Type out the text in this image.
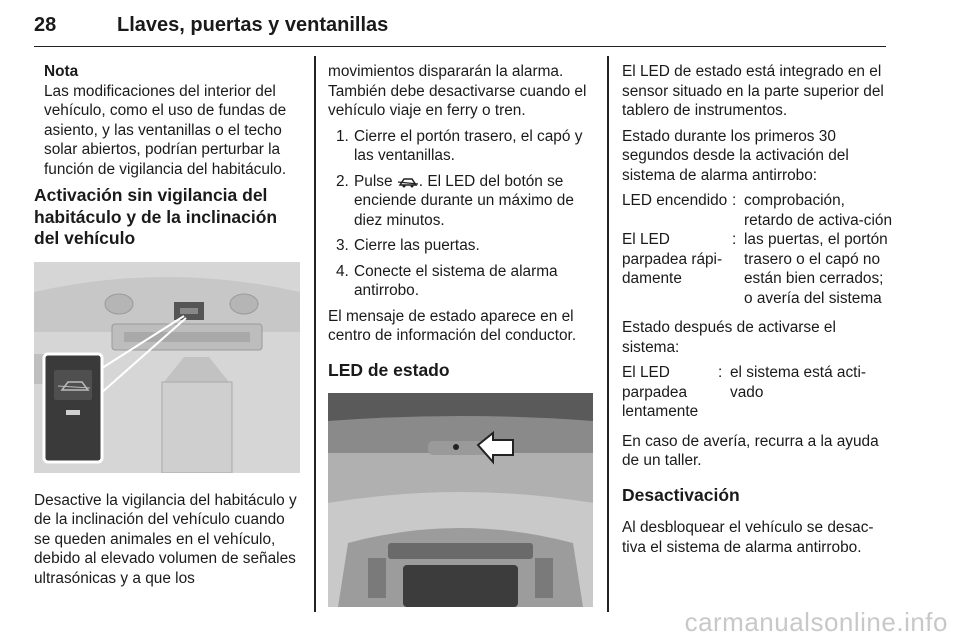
28	Llaves, puertas y ventanillas
Nota

Las modificaciones del interior del vehículo, como el uso de fundas de asiento, y las ventanillas o el techo solar abiertos, podrían perturbar la función de vigilancia del habitáculo.

Activación sin vigilancia del habitáculo y de la inclinación del vehículo

Desactive la vigilancia del habitáculo y de la inclinación del vehículo cuando se queden animales en el vehículo, debido al elevado volumen de señales ultrasónicas y a que los

movimientos dispararán la alarma. También debe desactivarse cuando el vehículo viaje en ferry o tren.

1. Cierre el portón trasero, el capó y las ventanillas.
2. Pulse . El LED del botón se enciende durante un máximo de diez minutos.
3. Cierre las puertas.
4. Conecte el sistema de alarma antirrobo.

El mensaje de estado aparece en el centro de información del conductor.

LED de estado

El LED de estado está integrado en el sensor situado en la parte superior del tablero de instrumentos.

Estado durante los primeros 30 segundos desde la activación del sistema de alarma antirrobo:

LED encendido : comprobación, retardo de activa-ción
El LED parpadea rápi-damente
: las puertas, el portón trasero o el capó no están bien cerrados; o avería del sistema

Estado después de activarse el sistema:

El LED parpadea lentamente
: el sistema está acti-vado

En caso de avería, recurra a la ayuda de un taller.

Desactivación

Al desbloquear el vehículo se desac-tiva el sistema de alarma antirrobo.

carmanualsonline.info
